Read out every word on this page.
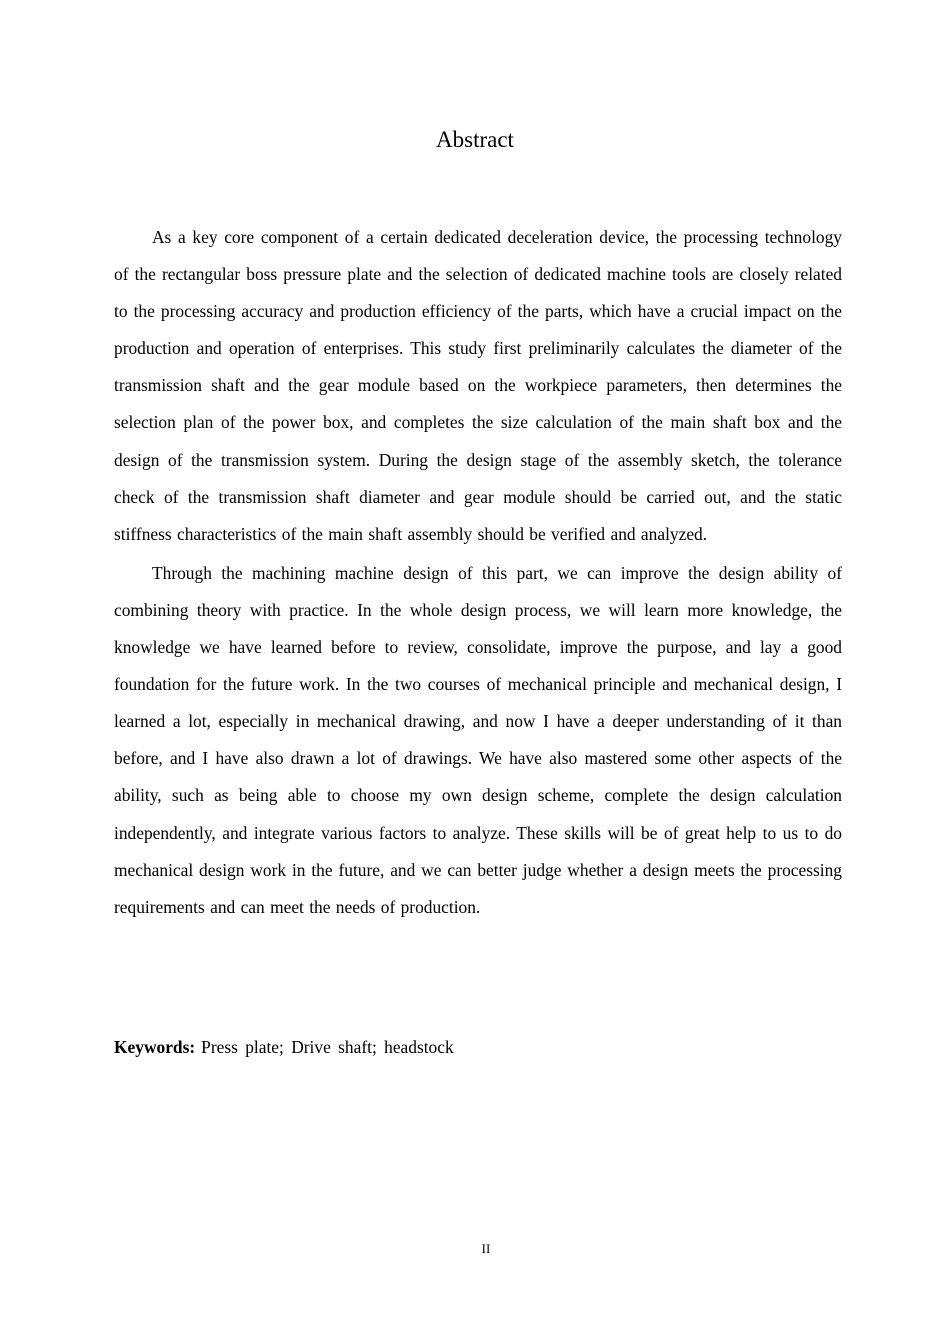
Abstract

As a key core component of a certain dedicated deceleration device, the processing technology of the rectangular boss pressure plate and the selection of dedicated machine tools are closely related to the processing accuracy and production efficiency of the parts, which have a crucial impact on the production and operation of enterprises. This study first preliminarily calculates the diameter of the transmission shaft and the gear module based on the workpiece parameters, then determines the selection plan of the power box, and completes the size calculation of the main shaft box and the design of the transmission system. During the design stage of the assembly sketch, the tolerance check of the transmission shaft diameter and gear module should be carried out, and the static stiffness characteristics of the main shaft assembly should be verified and analyzed.

Through the machining machine design of this part, we can improve the design ability of combining theory with practice. In the whole design process, we will learn more knowledge, the knowledge we have learned before to review, consolidate, improve the purpose, and lay a good foundation for the future work. In the two courses of mechanical principle and mechanical design, I learned a lot, especially in mechanical drawing, and now I have a deeper understanding of it than before, and I have also drawn a lot of drawings. We have also mastered some other aspects of the ability, such as being able to choose my own design scheme, complete the design calculation independently, and integrate various factors to analyze. These skills will be of great help to us to do mechanical design work in the future, and we can better judge whether a design meets the processing requirements and can meet the needs of production.

Keywords: Press plate; Drive shaft; headstock

II
